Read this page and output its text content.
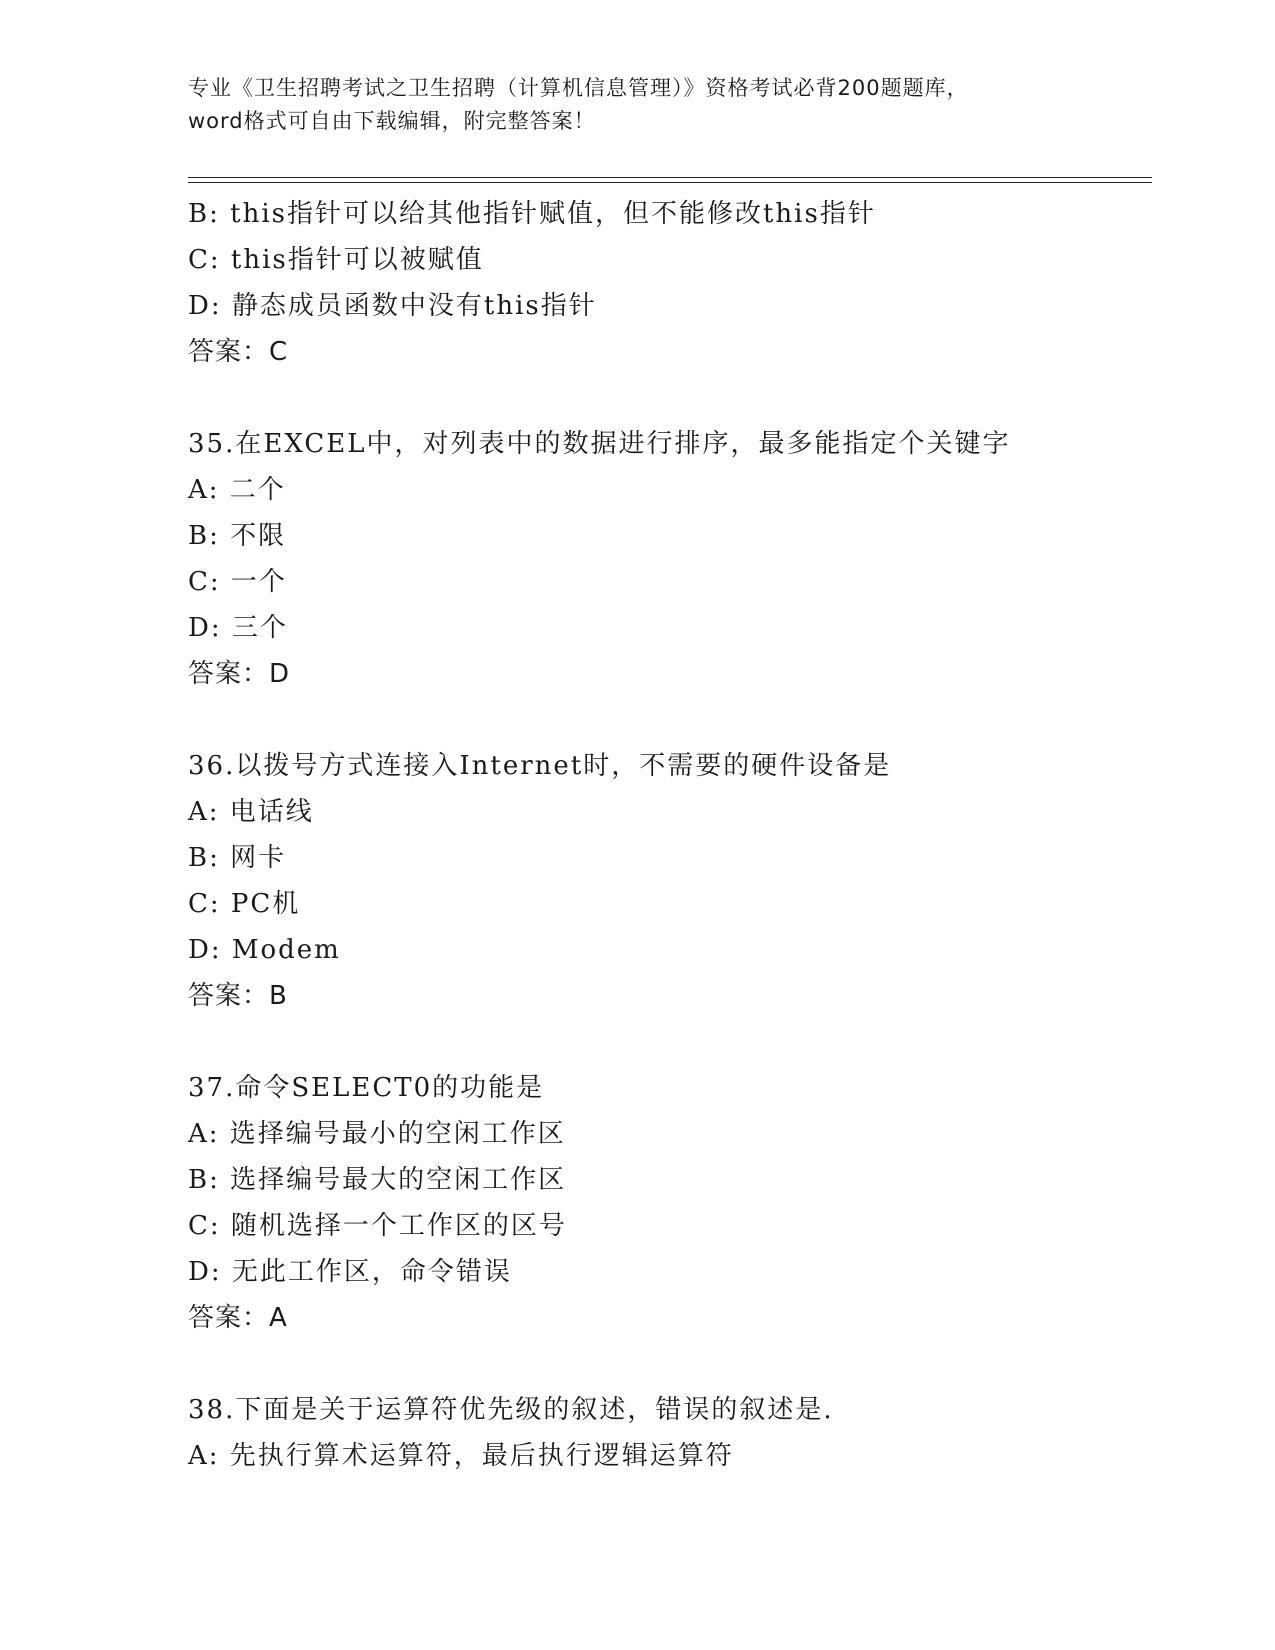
专业《卫生招聘考试之卫生招聘（计算机信息管理）》资格考试必背200题题库，
word格式可自由下载编辑，附完整答案！
B: this指针可以给其他指针赋值，但不能修改this指针
C: this指针可以被赋值
D: 静态成员函数中没有this指针
答案：C
35.在EXCEL中，对列表中的数据进行排序，最多能指定个关键字
A: 二个
B: 不限
C: 一个
D: 三个
答案：D
36.以拨号方式连接入Internet时，不需要的硬件设备是
A: 电话线
B: 网卡
C: PC机
D: Modem
答案：B
37.命令SELECT0的功能是
A: 选择编号最小的空闲工作区
B: 选择编号最大的空闲工作区
C: 随机选择一个工作区的区号
D: 无此工作区，命令错误
答案：A
38.下面是关于运算符优先级的叙述，错误的叙述是.
A: 先执行算术运算符，最后执行逻辑运算符
